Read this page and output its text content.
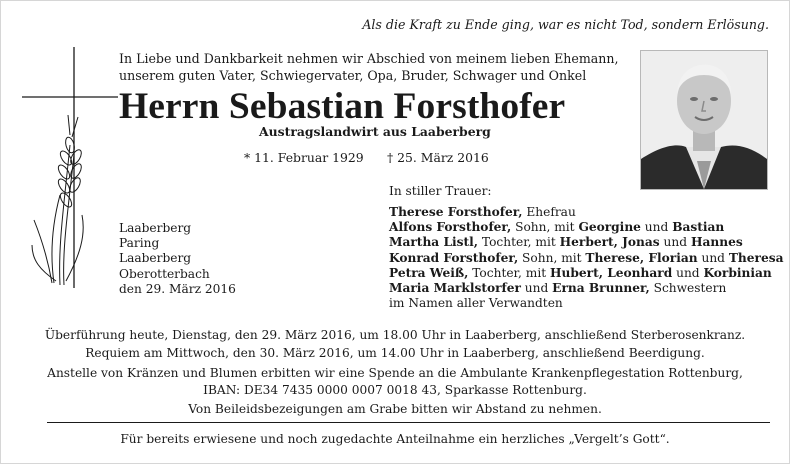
Als die Kraft zu Ende ging, war es nicht Tod, sondern Erlösung.
In Liebe und Dankbarkeit nehmen wir Abschied von meinem lieben Ehemann,
unserem guten Vater, Schwiegervater, Opa, Bruder, Schwager und Onkel
Herrn Sebastian Forsthofer
Austragslandwirt aus Laaberberg
* 11. Februar 1929 † 25. März 2016
In stiller Trauer:
Laaberberg
Paring
Laaberberg
Oberotterbach
den 29. März 2016
Therese Forsthofer, Ehefrau
Alfons Forsthofer, Sohn, mit Georgine und Bastian
Martha Listl, Tochter, mit Herbert, Jonas und Hannes
Konrad Forsthofer, Sohn, mit Therese, Florian und Theresa
Petra Weiß, Tochter, mit Hubert, Leonhard und Korbinian
Maria Marklstorfer und Erna Brunner, Schwestern
im Namen aller Verwandten
Überführung heute, Dienstag, den 29. März 2016, um 18.00 Uhr in Laaberberg, anschließend Sterberosenkranz.
Requiem am Mittwoch, den 30. März 2016, um 14.00 Uhr in Laaberberg, anschließend Beerdigung.
Anstelle von Kränzen und Blumen erbitten wir eine Spende an die Ambulante Krankenpflegestation Rottenburg,
IBAN: DE34 7435 0000 0007 0018 43, Sparkasse Rottenburg.
Von Beileidsbezeigungen am Grabe bitten wir Abstand zu nehmen.
Für bereits erwiesene und noch zugedachte Anteilnahme ein herzliches „Vergelt’s Gott“.
